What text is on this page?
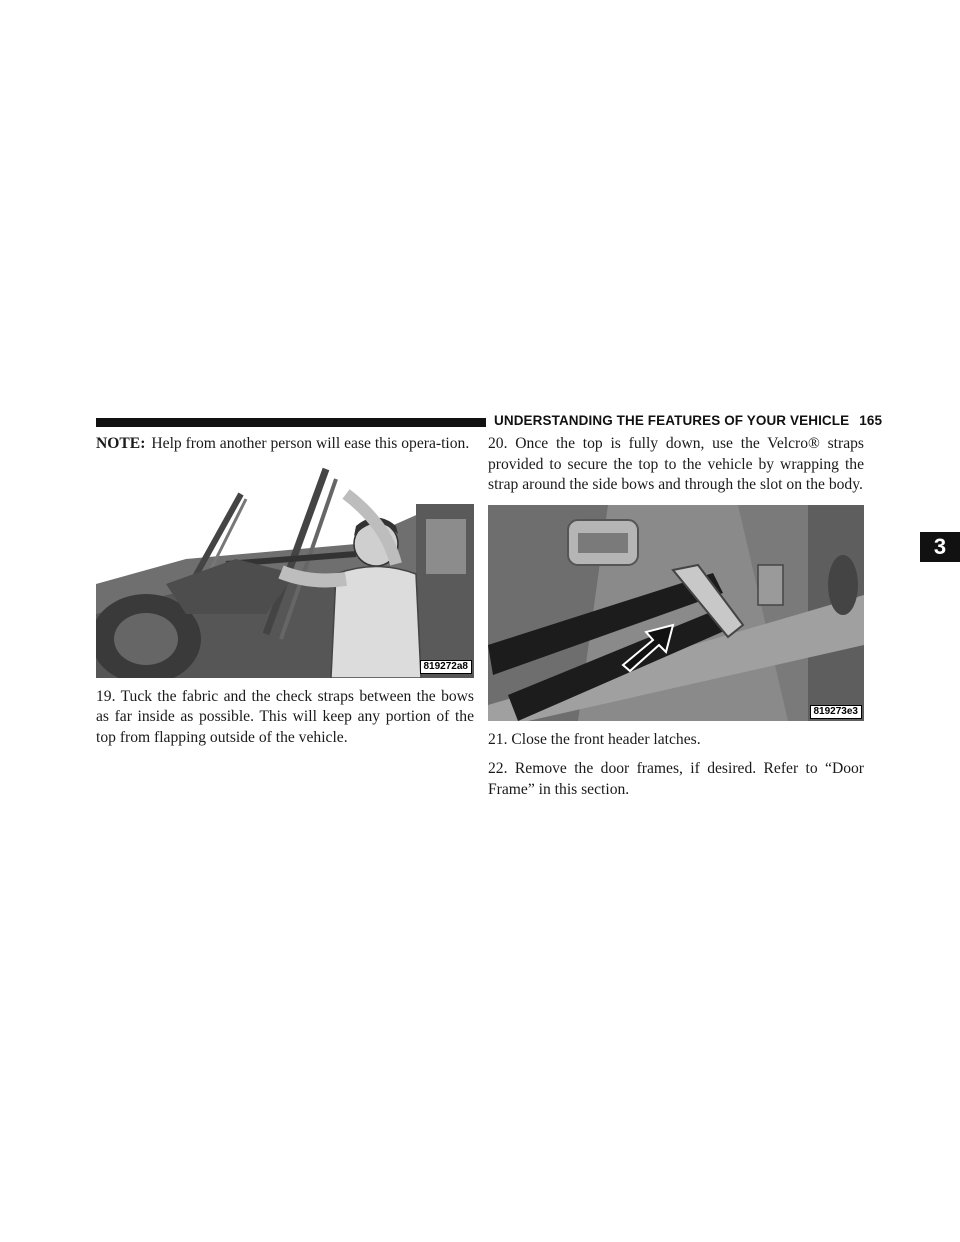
UNDERSTANDING THE FEATURES OF YOUR VEHICLE 165
3

NOTE: Help from another person will ease this opera-tion.

819272a8

19. Tuck the fabric and the check straps between the bows as far inside as possible. This will keep any portion of the top from flapping outside of the vehicle.

20. Once the top is fully down, use the Velcro® straps provided to secure the top to the vehicle by wrapping the strap around the side bows and through the slot on the body.

819273e3

21. Close the front header latches.

22. Remove the door frames, if desired. Refer to “Door Frame” in this section.
